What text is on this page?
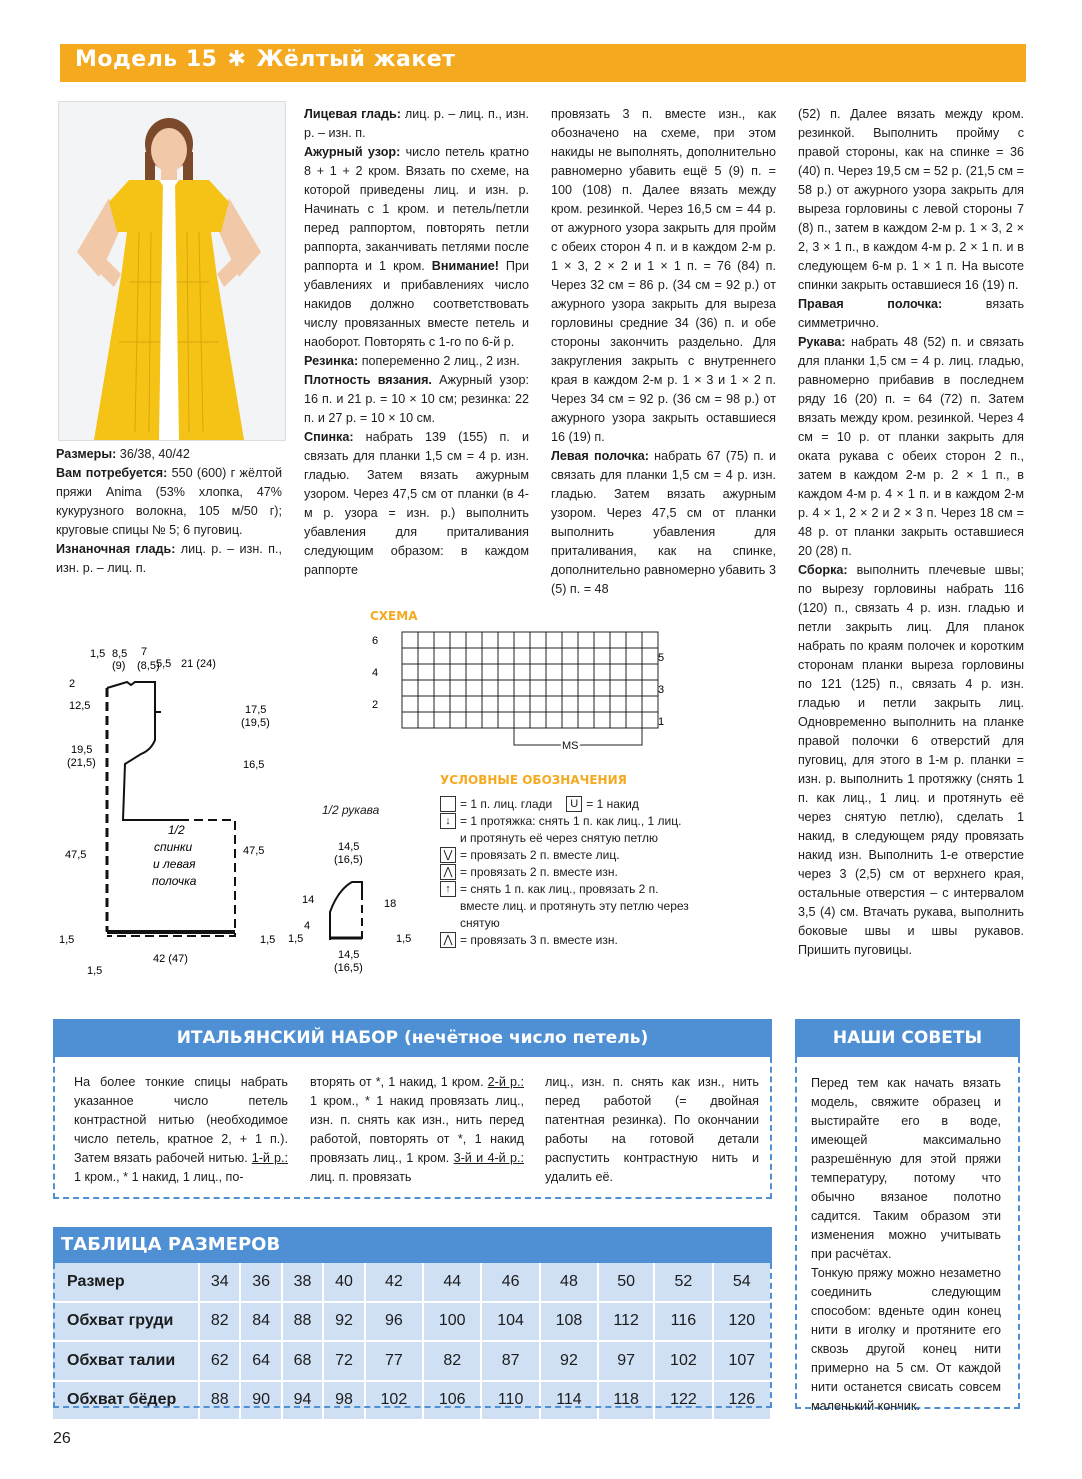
Модель 15 ✱ Жёлтый жакет

Размеры: 36/38, 40/42

Вам потребуется: 550 (600) г жёлтой пряжи Anima (53% хлопка, 47% кукурузного волокна, 105 м/50 г); круговые спицы № 5; 6 пуговиц.

Изнаночная гладь: лиц. р. – изн. п., изн. р. – лиц. п.

Лицевая гладь: лиц. р. – лиц. п., изн. р. – изн. п.

Ажурный узор: число петель кратно 8 + 1 + 2 кром. Вязать по схеме, на которой приведены лиц. и изн. р. Начинать с 1 кром. и петель/петли перед раппортом, повторять петли раппорта, заканчивать петлями после раппорта и 1 кром. Внимание! При убавлениях и прибавлениях число накидов должно соответствовать числу провязанных вместе петель и наоборот. Повторять с 1-го по 6-й р.

Резинка: попеременно 2 лиц., 2 изн.

Плотность вязания. Ажурный узор: 16 п. и 21 р. = 10 × 10 см; резинка: 22 п. и 27 р. = 10 × 10 см.

Спинка: набрать 139 (155) п. и связать для планки 1,5 см = 4 р. изн. гладью. Затем вязать ажурным узором. Через 47,5 см от планки (в 4-м р. узора = изн. р.) выполнить убавления для приталивания следующим образом: в каждом раппорте

провязать 3 п. вместе изн., как обозначено на схеме, при этом накиды не выполнять, дополнительно равномерно убавить ещё 5 (9) п. = 100 (108) п. Далее вязать между кром. резинкой. Через 16,5 см = 44 р. от ажурного узора закрыть для пройм с обеих сторон 4 п. и в каждом 2-м р. 1 × 3, 2 × 2 и 1 × 1 п. = 76 (84) п. Через 32 см = 86 р. (34 см = 92 р.) от ажурного узора закрыть для выреза горловины средние 34 (36) п. и обе стороны закончить раздельно. Для закругления закрыть с внутреннего края в каждом 2-м р. 1 × 3 и 1 × 2 п. Через 34 см = 92 р. (36 см = 98 р.) от ажурного узора закрыть оставшиеся 16 (19) п.

Левая полочка: набрать 67 (75) п. и связать для планки 1,5 см = 4 р. изн. гладью. Затем вязать ажурным узором. Через 47,5 см от планки выполнить убавления для приталивания, как на спинке, дополнительно равномерно убавить 3 (5) п. = 48

(52) п. Далее вязать между кром. резинкой. Выполнить пройму с правой стороны, как на спинке = 36 (40) п. Через 19,5 см = 52 р. (21,5 см = 58 р.) от ажурного узора закрыть для выреза горловины с левой стороны 7 (8) п., затем в каждом 2-м р. 1 × 3, 2 × 2, 3 × 1 п., в каждом 4-м р. 2 × 1 п. и в следующем 6-м р. 1 × 1 п. На высоте спинки закрыть оставшиеся 16 (19) п.

Правая полочка: вязать симметрично.

Рукава: набрать 48 (52) п. и связать для планки 1,5 см = 4 р. лиц. гладью, равномерно прибавив в последнем ряду 16 (20) п. = 64 (72) п. Затем вязать между кром. резинкой. Через 4 см = 10 р. от планки закрыть для оката рукава с обеих сторон 2 п., затем в каждом 2-м р. 2 × 1 п., в каждом 4-м р. 4 × 1 п. и в каждом 2-м р. 4 × 1, 2 × 2 и 2 × 3 п. Через 18 см = 48 р. от планки закрыть оставшиеся 20 (28) п.

Сборка: выполнить плечевые швы; по вырезу горловины набрать 116 (120) п., связать 4 р. изн. гладью и петли закрыть лиц. Для планок набрать по краям полочек и коротким сторонам планки выреза горловины по 121 (125) п., связать 4 р. изн. гладью и петли закрыть лиц. Одновременно выполнить на планке правой полочки 6 отверстий для пуговиц, для этого в 1-м р. планки = изн. р. выполнить 1 протяжку (снять 1 п. как лиц., 1 лиц. и протянуть её через снятую петлю), сделать 1 накид, в следующем ряду провязать накид изн. Выполнить 1-е отверстие через 3 (2,5) см от верхнего края, остальные отверстия – с интервалом 3,5 (4) см. Втачать рукава, выполнить боковые швы и швы рукавов. Пришить пуговицы.

1,5 8,5 7
(9) (8,5)
5,5 21 (24)
2
12,5
19,5
(21,5)
47,5
1,5
1,5
17,5
(19,5)
16,5
47,5
1,5
42 (47)
1/2
спинки
и левая
полочка
1/2 рукава
14,5
(16,5)
14
4
1,5
18
1,5
14,5
(16,5)
СХЕМА
6
4
2
5
3
1
MS
УСЛОВНЫЕ ОБОЗНАЧЕНИЯ
= 1 п. лиц. глади	U = 1 накид
↓ = 1 протяжка: снять 1 п. как лиц., 1 лиц. и протянуть её через снятую петлю
⋁ = провязать 2 п. вместе лиц.
⋀ = провязать 2 п. вместе изн.
↑ = снять 1 п. как лиц., провязать 2 п. вместе лиц. и протянуть эту петлю через снятую
⋀ = провязать 3 п. вместе изн.
ИТАЛЬЯНСКИЙ НАБОР (нечётное число петель)
На более тонкие спицы набрать указанное число петель контрастной нитью (необходимое число петель, кратное 2, + 1 п.). Затем вязать рабочей нитью. 1-й р.: 1 кром., * 1 накид, 1 лиц., по-
вторять от *, 1 накид, 1 кром. 2-й р.: 1 кром., * 1 накид провязать лиц., изн. п. снять как изн., нить перед работой, повторять от *, 1 накид провязать лиц., 1 кром. 3-й и 4-й р.: лиц. п. провязать
лиц., изн. п. снять как изн., нить перед работой (= двойная патентная резинка). По окончании работы на готовой детали распустить контрастную нить и удалить её.
НАШИ СОВЕТЫ

Перед тем как начать вязать модель, свяжите образец и выстирайте его в воде, имеющей максимально разрешённую для этой пряжи температуру, потому что обычно вязаное полотно садится. Таким образом эти изменения можно учитывать при расчётах.

Тонкую пряжу можно незаметно соединить следующим способом: вденьте один конец нити в иголку и протяните его сквозь другой конец нити примерно на 5 см. От каждой нити останется свисать совсем маленький кончик.

ТАБЛИЦА РАЗМЕРОВ
Размер	34	36	38	40	42	44	46	48	50	52	54
Обхват груди	82	84	88	92	96	100	104	108	112	116	120
Обхват талии	62	64	68	72	77	82	87	92	97	102	107
Обхват бёдер	88	90	94	98	102	106	110	114	118	122	126
26
